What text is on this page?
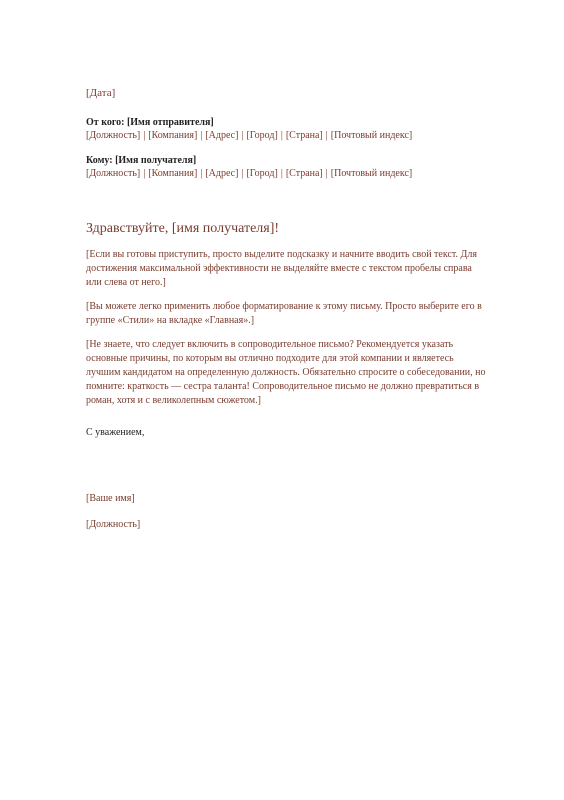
[Дата]

От кого: [Имя отправителя]

[Должность] | [Компания] | [Адрес] | [Город] | [Страна] | [Почтовый индекс]

Кому: [Имя получателя]

[Должность] | [Компания] | [Адрес] | [Город] | [Страна] | [Почтовый индекс]

Здравствуйте, [имя получателя]!

[Если вы готовы приступить, просто выделите подсказку и начните вводить свой текст. Для достижения максимальной эффективности не выделяйте вместе с текстом пробелы справа или слева от него.]

[Вы можете легко применить любое форматирование к этому письму. Просто выберите его в группе «Стили» на вкладке «Главная».]

[Не знаете, что следует включить в сопроводительное письмо? Рекомендуется указать основные причины, по которым вы отлично подходите для этой компании и являетесь лучшим кандидатом на определенную должность. Обязательно спросите о собеседовании, но помните: краткость — сестра таланта! Сопроводительное письмо не должно превратиться в роман, хотя и с великолепным сюжетом.]

С уважением,

[Ваше имя]

[Должность]
